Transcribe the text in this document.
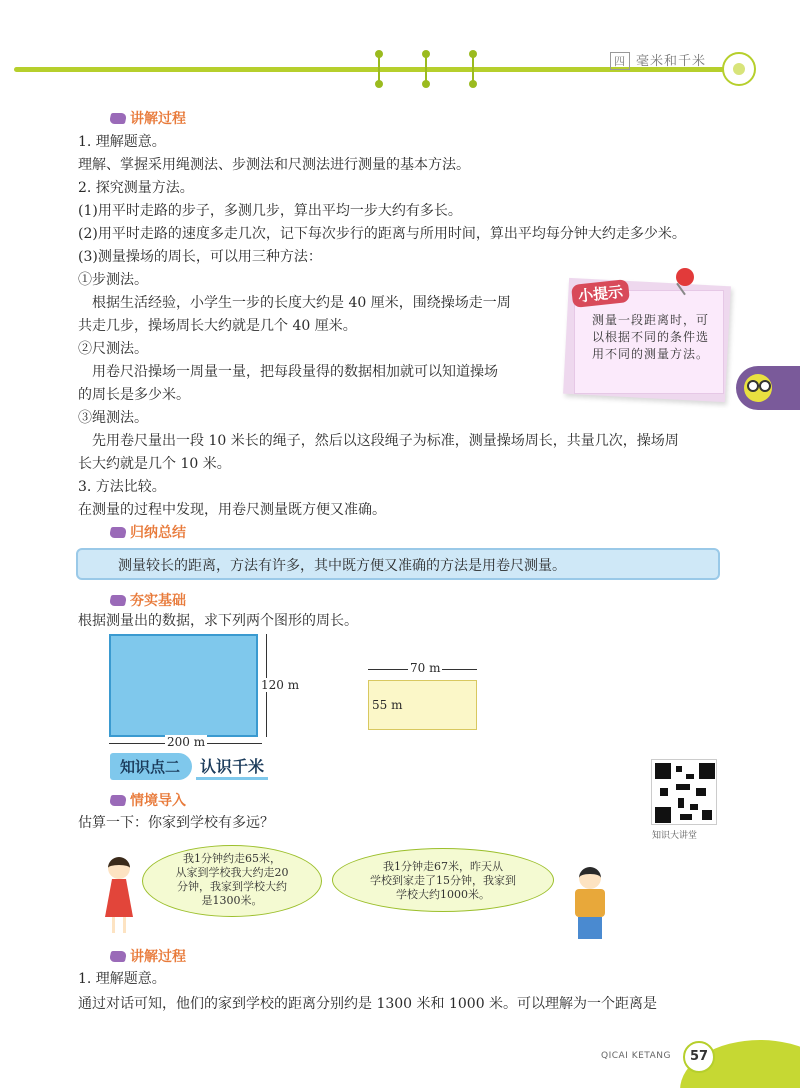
四 毫米和千米
讲解过程
1. 理解题意。
理解、掌握采用绳测法、步测法和尺测法进行测量的基本方法。
2. 探究测量方法。
(1)用平时走路的步子，多测几步，算出平均一步大约有多长。
(2)用平时走路的速度多走几次，记下每次步行的距离与所用时间，算出平均每分钟大约走多少米。
(3)测量操场的周长，可以用三种方法：
①步测法。
根据生活经验，小学生一步的长度大约是 40 厘米，围绕操场走一周
共走几步，操场周长大约就是几个 40 厘米。
②尺测法。
用卷尺沿操场一周量一量，把每段量得的数据相加就可以知道操场
的周长是多少米。
③绳测法。
先用卷尺量出一段 10 米长的绳子，然后以这段绳子为标准，测量操场周长，共量几次，操场周
长大约就是几个 10 米。
3. 方法比较。
在测量的过程中发现，用卷尺测量既方便又准确。
小提示
测量一段距离时，可以根据不同的条件选用不同的测量方法。
归纳总结
测量较长的距离，方法有许多，其中既方便又准确的方法是用卷尺测量。
夯实基础
根据测量出的数据，求下列两个图形的周长。
120 m
200 m
70 m
55 m
知识点二	认识千米
知识大讲堂
情境导入
估算一下：你家到学校有多远？
我1分钟约走65米，
从家到学校我大约走20
分钟，我家到学校大约
是1300米。
我1分钟走67米，昨天从
学校到家走了15分钟，我家到
学校大约1000米。
讲解过程
1. 理解题意。
通过对话可知，他们的家到学校的距离分别约是 1300 米和 1000 米。可以理解为一个距离是
QICAI KETANG	57
